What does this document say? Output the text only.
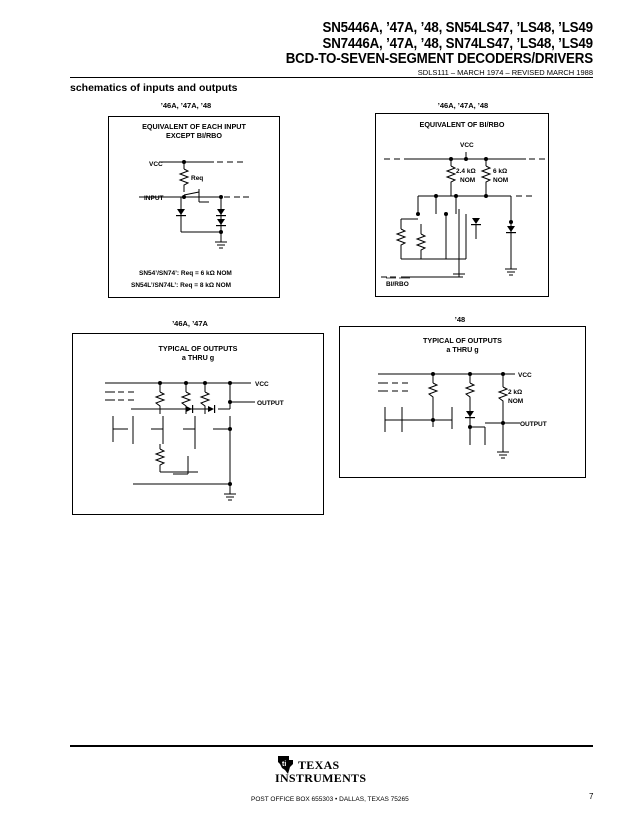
SN5446A, ’47A, ’48, SN54LS47, ’LS48, ’LS49
SN7446A, ’47A, ’48, SN74LS47, ’LS48, ’LS49
BCD-TO-SEVEN-SEGMENT DECODERS/DRIVERS
SDLS111 – MARCH 1974 – REVISED MARCH 1988
schematics of inputs and outputs
’46A, ’47A, ’48
EQUIVALENT OF EACH INPUT
EXCEPT BI/RBO
VCC
Req
INPUT
SN54’/SN74’: Req = 6 kΩ NOM
SN54L’/SN74L’: Req = 8 kΩ NOM
’46A, ’47A, ’48
EQUIVALENT OF BI/RBO
VCC
2.4 kΩ
NOM
6 kΩ
NOM
BI/RBO
’46A, ’47A
TYPICAL OF OUTPUTS
a THRU g
VCC
OUTPUT
’48
TYPICAL OF OUTPUTS
a THRU g
VCC
2 kΩ
NOM
OUTPUT
ti TEXAS
INSTRUMENTS
POST OFFICE BOX 655303 • DALLAS, TEXAS 75265	7
